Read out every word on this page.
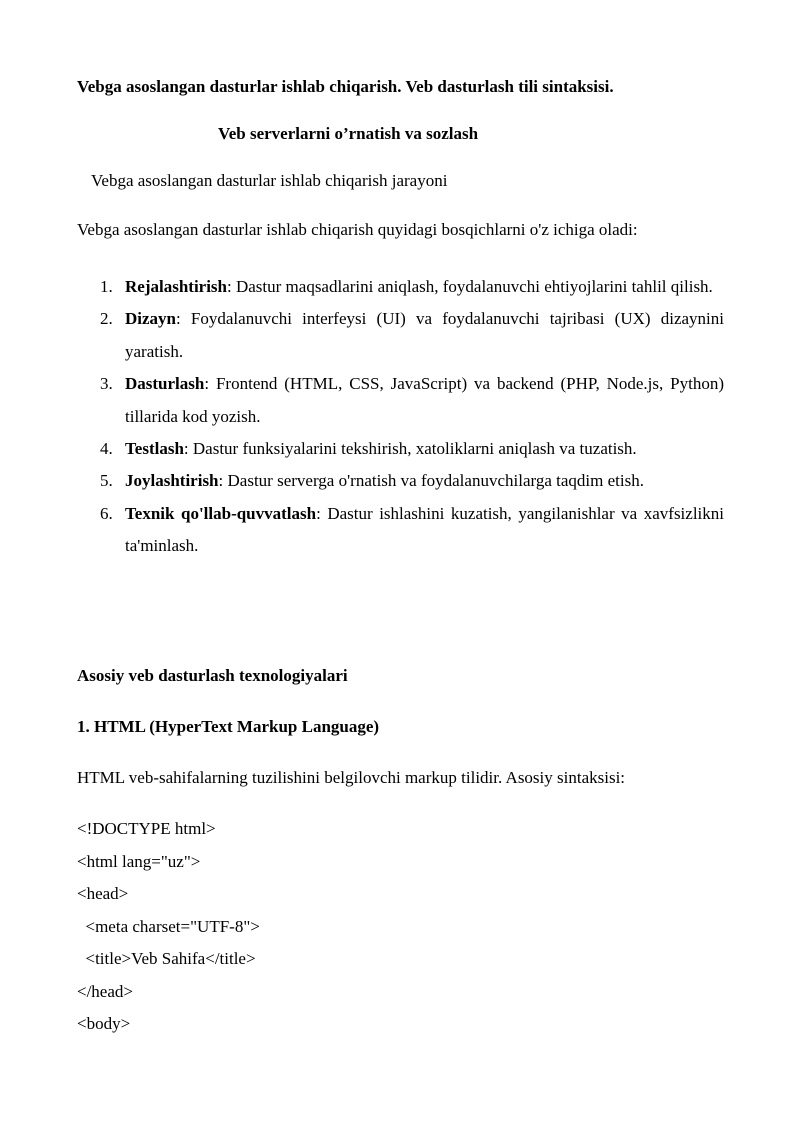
Vebga asoslangan dasturlar ishlab chiqarish. Veb dasturlash tili sintaksisi.

Veb serverlarni o’rnatish va sozlash

Vebga asoslangan dasturlar ishlab chiqarish jarayoni

Vebga asoslangan dasturlar ishlab chiqarish quyidagi bosqichlarni o'z ichiga oladi:

1. Rejalashtirish: Dastur maqsadlarini aniqlash, foydalanuvchi ehtiyojlarini tahlil qilish.
2. Dizayn: Foydalanuvchi interfeysi (UI) va foydalanuvchi tajribasi (UX) dizaynini yaratish.
3. Dasturlash: Frontend (HTML, CSS, JavaScript) va backend (PHP, Node.js, Python) tillarida kod yozish.
4. Testlash: Dastur funksiyalarini tekshirish, xatoliklarni aniqlash va tuzatish.
5. Joylashtirish: Dastur serverga o'rnatish va foydalanuvchilarga taqdim etish.
6. Texnik qo'llab-quvvatlash: Dastur ishlashini kuzatish, yangilanishlar va xavfsizlikni ta'minlash.

Asosiy veb dasturlash texnologiyalari

1. HTML (HyperText Markup Language)

HTML veb-sahifalarning tuzilishini belgilovchi markup tilidir. Asosiy sintaksisi:

<!DOCTYPE html>
<html lang="uz">
<head>
<meta charset="UTF-8">
<title>Veb Sahifa</title>
</head>
<body>
